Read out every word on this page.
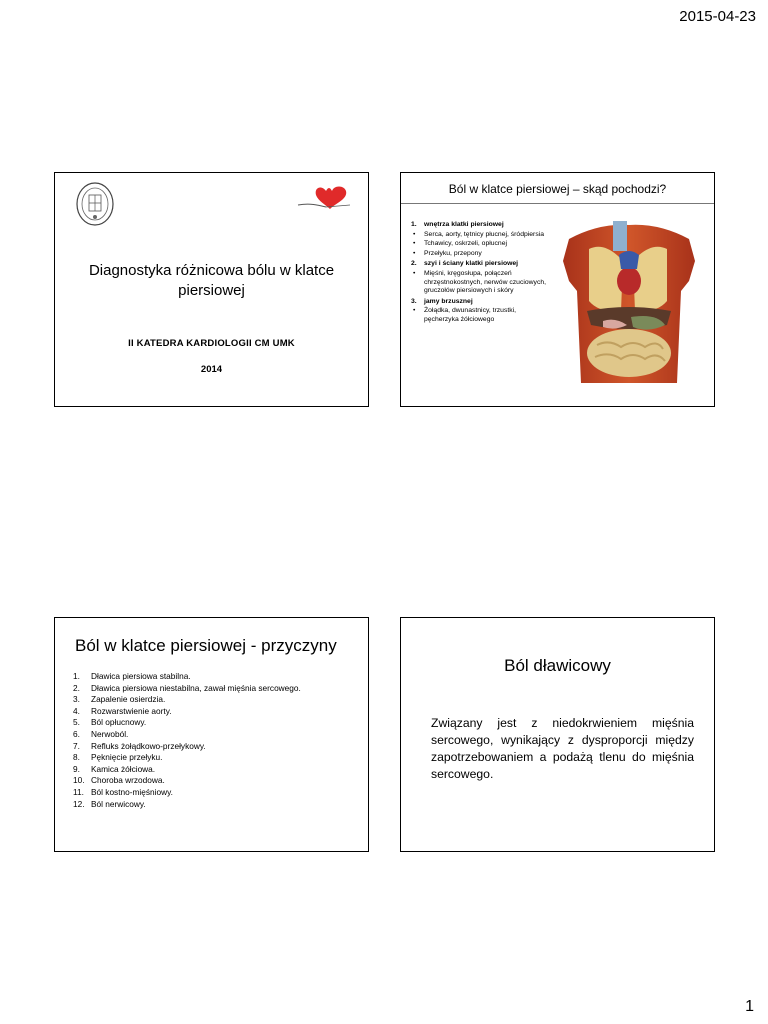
2015-04-23
Diagnostyka różnicowa bólu w klatce piersiowej
II KATEDRA KARDIOLOGII CM UMK
2014
Ból w klatce piersiowej – skąd pochodzi?
1.	wnętrza klatki piersiowej
•	Serca, aorty, tętnicy płucnej, śródpiersia
•	Tchawicy, oskrzeli, opłucnej
•	Przełyku, przepony
2.	szyi i ściany klatki piersiowej
•	Mięśni, kręgosłupa, połączeń chrzęstnokostnych, nerwów czuciowych, gruczołów piersiowych i skóry
3.	jamy brzusznej
•	Żołądka, dwunastnicy, trzustki, pęcherzyka żółciowego
Ból w klatce piersiowej - przyczyny
1.	Dławica piersiowa stabilna.
2.	Dławica piersiowa niestabilna, zawał mięśnia sercowego.
3.	Zapalenie osierdzia.
4.	Rozwarstwienie aorty.
5.	Ból opłucnowy.
6.	Nerwoból.
7.	Refluks żołądkowo-przełykowy.
8.	Pęknięcie przełyku.
9.	Kamica żółciowa.
10. Choroba wrzodowa.
11. Ból kostno-mięśniowy.
12. Ból nerwicowy.
Ból dławicowy
Związany jest z niedokrwieniem mięśnia sercowego, wynikający z dysproporcji między zapotrzebowaniem a podażą tlenu do mięśnia sercowego.
1
